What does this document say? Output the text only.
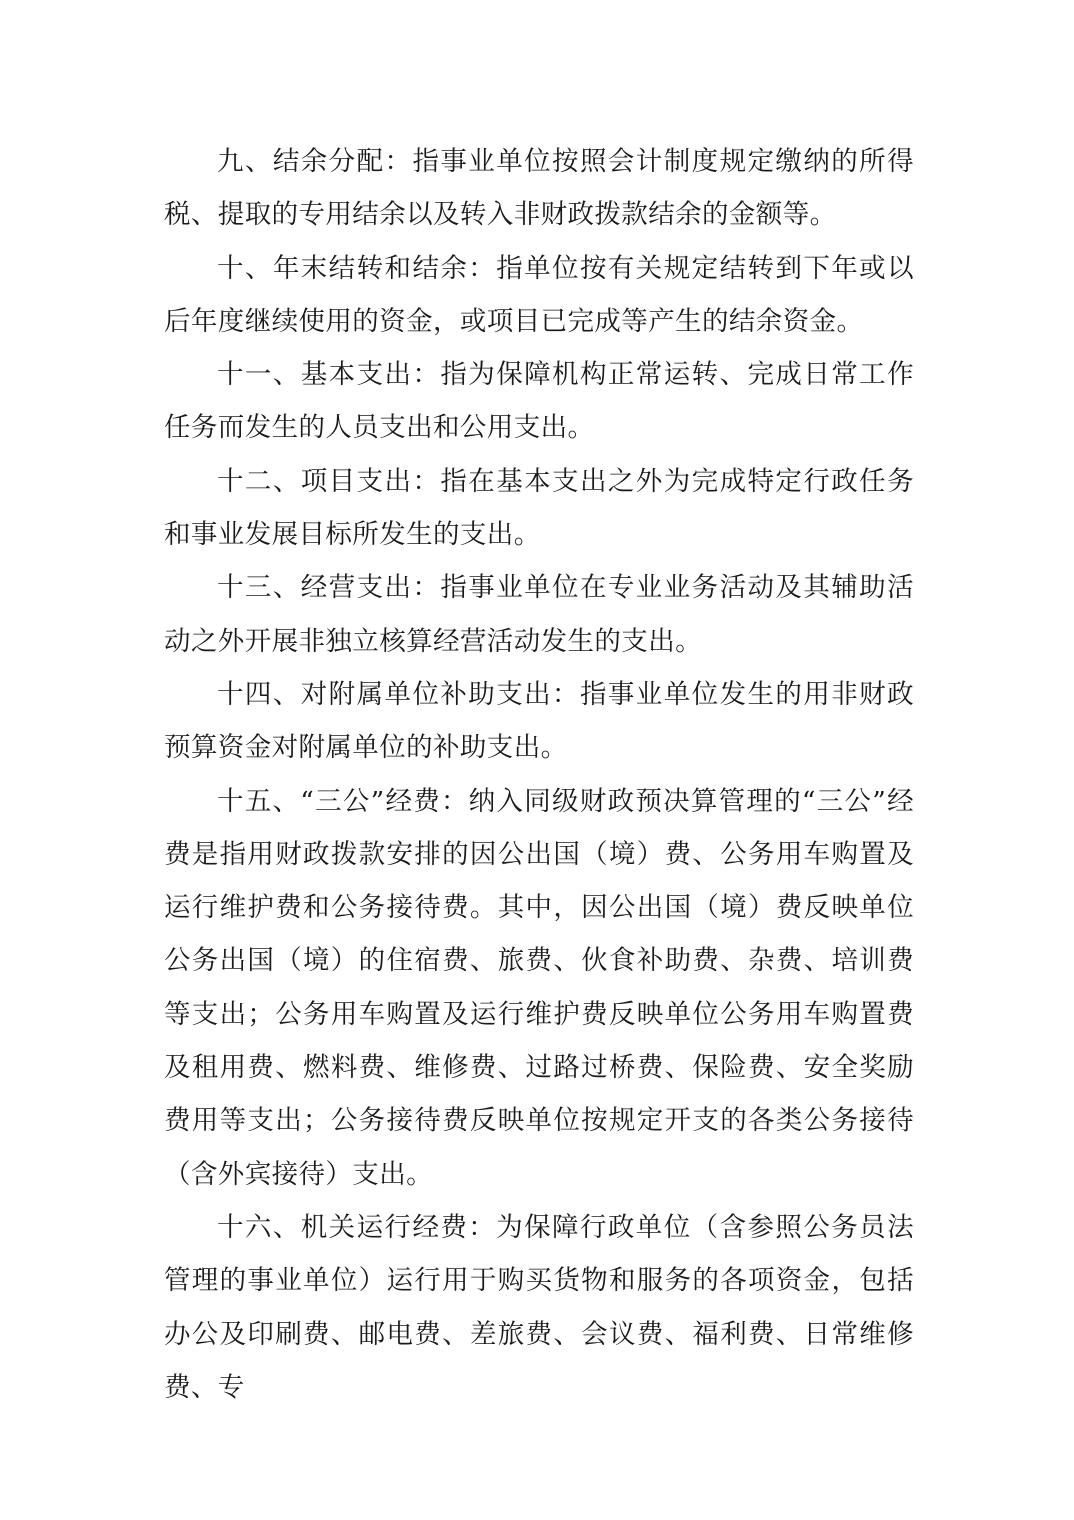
九、结余分配：指事业单位按照会计制度规定缴纳的所得税、提取的专用结余以及转入非财政拨款结余的金额等。

十、年末结转和结余：指单位按有关规定结转到下年或以后年度继续使用的资金，或项目已完成等产生的结余资金。

十一、基本支出：指为保障机构正常运转、完成日常工作任务而发生的人员支出和公用支出。

十二、项目支出：指在基本支出之外为完成特定行政任务和事业发展目标所发生的支出。

十三、经营支出：指事业单位在专业业务活动及其辅助活动之外开展非独立核算经营活动发生的支出。

十四、对附属单位补助支出：指事业单位发生的用非财政预算资金对附属单位的补助支出。

十五、“三公”经费：纳入同级财政预决算管理的“三公”经费是指用财政拨款安排的因公出国（境）费、公务用车购置及运行维护费和公务接待费。其中，因公出国（境）费反映单位公务出国（境）的住宿费、旅费、伙食补助费、杂费、培训费等支出；公务用车购置及运行维护费反映单位公务用车购置费及租用费、燃料费、维修费、过路过桥费、保险费、安全奖励费用等支出；公务接待费反映单位按规定开支的各类公务接待（含外宾接待）支出。

十六、机关运行经费：为保障行政单位（含参照公务员法管理的事业单位）运行用于购买货物和服务的各项资金，包括办公及印刷费、邮电费、差旅费、会议费、福利费、日常维修费、专
